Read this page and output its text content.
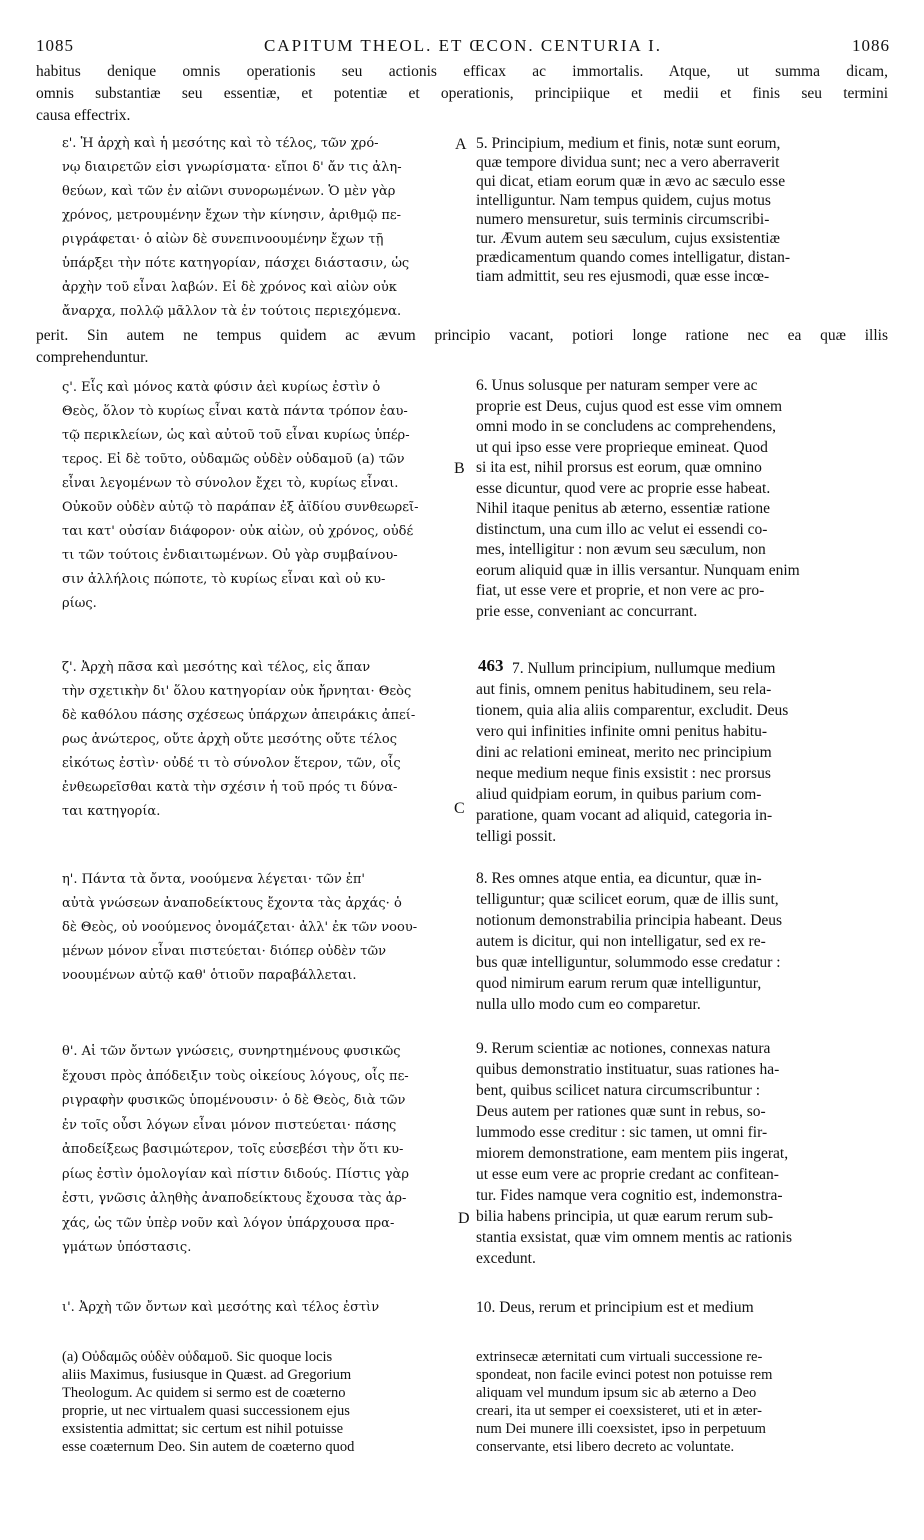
1085	CAPITUM THEOL. ET ŒCON. CENTURIA I.	1086
habitus denique omnis operationis seu actionis efficax ac immortalis. Atque, ut summa dicam,
omnis substantiæ seu essentiæ, et potentiæ et operationis, principiique et medii et finis seu termini
causa effectrix.
ε'. Ἡ ἀρχὴ καὶ ἡ μεσότης καὶ τὸ τέλος, τῶν χρό-
νῳ διαιρετῶν εἰσι γνωρίσματα· εἴποι δ' ἄν τις ἀλη-
θεύων, καὶ τῶν ἐν αἰῶνι συνορωμένων. Ὁ μὲν γὰρ
χρόνος, μετρουμένην ἔχων τὴν κίνησιν, ἀριθμῷ πε-
ριγράφεται· ὁ αἰὼν δὲ συνεπινοουμένην ἔχων τῇ
ὑπάρξει τὴν πότε κατηγορίαν, πάσχει διάστασιν, ὡς
ἀρχὴν τοῦ εἶναι λαβών. Εἰ δὲ χρόνος καὶ αἰὼν οὐκ
ἄναρχα, πολλῷ μᾶλλον τὰ ἐν τούτοις περιεχόμενα.
A 5. Principium, medium et finis, notæ sunt eorum,
quæ tempore dividua sunt; nec a vero aberraverit
qui dicat, etiam eorum quæ in ævo ac sæculo esse
intelliguntur. Nam tempus quidem, cujus motus
numero mensuretur, suis terminis circumscribi-
tur. Ævum autem seu sæculum, cujus exsistentiæ
prædicamentum quando comes intelligatur, distan-
tiam admittit, seu res ejusmodi, quæ esse incœ-
perit. Sin autem ne tempus quidem ac ævum principio vacant, potiori longe ratione nec ea quæ illis
comprehenduntur.
ς'. Εἷς καὶ μόνος κατὰ φύσιν ἀεὶ κυρίως ἐστὶν ὁ
Θεὸς, ὅλον τὸ κυρίως εἶναι κατὰ πάντα τρόπον ἑαυ-
τῷ περικλείων, ὡς καὶ αὐτοῦ τοῦ εἶναι κυρίως ὑπέρ-
τερος. Εἰ δὲ τοῦτο, οὐδαμῶς οὐδὲν οὐδαμοῦ (a) τῶν
εἶναι λεγομένων τὸ σύνολον ἔχει τὸ, κυρίως εἶναι.
Οὐκοῦν οὐδὲν αὐτῷ τὸ παράπαν ἐξ ἀϊδίου συνθεωρεῖ-
ται κατ' οὐσίαν διάφορον· οὐκ αἰὼν, οὐ χρόνος, οὐδέ
τι τῶν τούτοις ἐνδιαιτωμένων. Οὐ γὰρ συμβαίνου-
σιν ἀλλήλοις πώποτε, τὸ κυρίως εἶναι καὶ οὐ κυ-
ρίως.
B
6. Unus solusque per naturam semper vere ac
proprie est Deus, cujus quod est esse vim omnem
omni modo in se concludens ac comprehendens,
ut qui ipso esse vere proprieque emineat. Quod
si ita est, nihil prorsus est eorum, quæ omnino
esse dicuntur, quod vere ac proprie esse habeat.
Nihil itaque penitus ab æterno, essentiæ ratione
distinctum, una cum illo ac velut ei essendi co-
mes, intelligitur : non ævum seu sæculum, non
eorum aliquid quæ in illis versantur. Nunquam enim
fiat, ut esse vere et proprie, et non vere ac pro-
prie esse, conveniant ac concurrant.
ζ'. Ἀρχὴ πᾶσα καὶ μεσότης καὶ τέλος, εἰς ἅπαν
τὴν σχετικὴν δι' ὅλου κατηγορίαν οὐκ ἤρνηται· Θεὸς
δὲ καθόλου πάσης σχέσεως ὑπάρχων ἀπειράκις ἀπεί-
ρως ἀνώτερος, οὔτε ἀρχὴ οὔτε μεσότης οὔτε τέλος
εἰκότως ἐστὶν· οὐδέ τι τὸ σύνολον ἕτερον, τῶν, οἷς
ἐνθεωρεῖσθαι κατὰ τὴν σχέσιν ἡ τοῦ πρός τι δύνα-
ται κατηγορία.
463 7. Nullum principium, nullumque medium
aut finis, omnem penitus habitudinem, seu rela-
tionem, quia alia aliis comparentur, excludit. Deus
vero qui infinities infinite omni penitus habitu-
dini ac relationi emineat, merito nec principium
neque medium neque finis exsistit : nec prorsus
aliud quidpiam eorum, in quibus parium com-
paratione, quam vocant ad aliquid, categoria in-
telligi possit.
C
η'. Πάντα τὰ ὄντα, νοούμενα λέγεται· τῶν ἐπ'
αὐτὰ γνώσεων ἀναποδείκτους ἔχοντα τὰς ἀρχάς· ὁ
δὲ Θεὸς, οὐ νοούμενος ὀνομάζεται· ἀλλ' ἐκ τῶν νοου-
μένων μόνον εἶναι πιστεύεται· διόπερ οὐδὲν τῶν
νοουμένων αὐτῷ καθ' ὁτιοῦν παραβάλλεται.
8. Res omnes atque entia, ea dicuntur, quæ in-
telliguntur; quæ scilicet eorum, quæ de illis sunt,
notionum demonstrabilia principia habeant. Deus
autem is dicitur, qui non intelligatur, sed ex re-
bus quæ intelliguntur, solummodo esse credatur :
quod nimirum earum rerum quæ intelliguntur,
nulla ullo modo cum eo comparetur.
θ'. Αἱ τῶν ὄντων γνώσεις, συνηρτημένους φυσικῶς
ἔχουσι πρὸς ἀπόδειξιν τοὺς οἰκείους λόγους, οἷς πε-
ριγραφὴν φυσικῶς ὑπομένουσιν· ὁ δὲ Θεὸς, διὰ τῶν
ἐν τοῖς οὖσι λόγων εἶναι μόνον πιστεύεται· πάσης
ἀποδείξεως βασιμώτερον, τοῖς εὐσεβέσι τὴν ὅτι κυ-
ρίως ἐστὶν ὁμολογίαν καὶ πίστιν διδούς. Πίστις γὰρ
ἐστι, γνῶσις ἀληθὴς ἀναποδείκτους ἔχουσα τὰς ἀρ-
χάς, ὡς τῶν ὑπὲρ νοῦν καὶ λόγον ὑπάρχουσα πρα-
γμάτων ὑπόστασις.
D
9. Rerum scientiæ ac notiones, connexas natura
quibus demonstratio instituatur, suas rationes ha-
bent, quibus scilicet natura circumscribuntur :
Deus autem per rationes quæ sunt in rebus, so-
lummodo esse creditur : sic tamen, ut omni fir-
miorem demonstratione, eam mentem piis ingerat,
ut esse eum vere ac proprie credant ac confitean-
tur. Fides namque vera cognitio est, indemonstra-
bilia habens principia, ut quæ earum rerum sub-
stantia exsistat, quæ vim omnem mentis ac rationis
excedunt.
ι'. Ἀρχὴ τῶν ὄντων καὶ μεσότης καὶ τέλος ἐστὶν	10. Deus, rerum et principium est et medium
(a) Οὐδαμῶς οὐδὲν οὐδαμοῦ. Sic quoque locis
aliis Maximus, fusiusque in Quæst. ad Gregorium
Theologum. Ac quidem si sermo est de coæterno
proprie, ut nec virtualem quasi successionem ejus
exsistentia admittat; sic certum est nihil potuisse
esse coæternum Deo. Sin autem de coæterno quod
extrinsecæ æternitati cum virtuali successione re-
spondeat, non facile evinci potest non potuisse rem
aliquam vel mundum ipsum sic ab æterno a Deo
creari, ita ut semper ei coexsisteret, uti et in æter-
num Dei munere illi coexsistet, ipso in perpetuum
conservante, etsi libero decreto ac voluntate.
